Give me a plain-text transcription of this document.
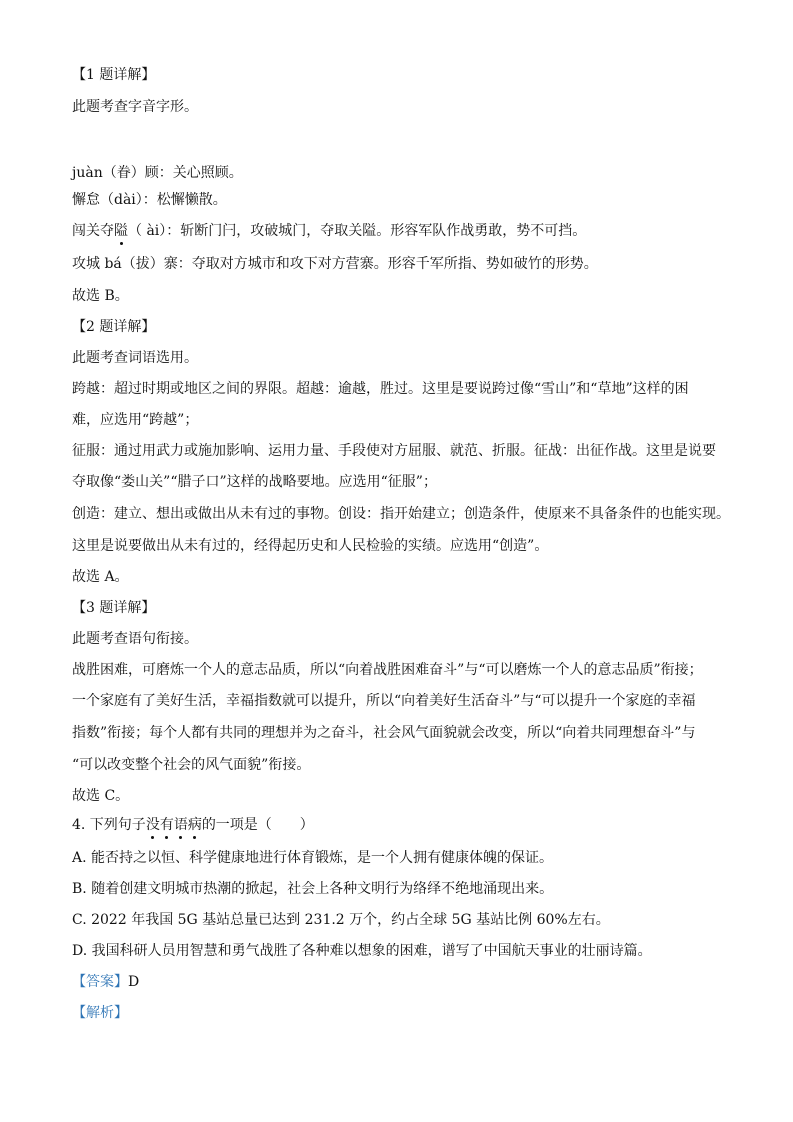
【1 题详解】
此题考查字音字形。
juàn（眷）顾：关心照顾。
懈怠（dài）：松懈懒散。
闯关夺隘（ ài）：斩断门闩，攻破城门，夺取关隘。形容军队作战勇敢，势不可挡。
攻城 bá（拔）寨：夺取对方城市和攻下对方营寨。形容千军所指、势如破竹的形势。
故选 B。
【2 题详解】
此题考查词语选用。
跨越：超过时期或地区之间的界限。超越：逾越，胜过。这里是要说跨过像“雪山”和“草地”这样的困
难，应选用“跨越”；
征服：通过用武力或施加影响、运用力量、手段使对方屈服、就范、折服。征战：出征作战。这里是说要
夺取像“娄山关”“腊子口”这样的战略要地。应选用“征服”；
创造：建立、想出或做出从未有过的事物。创设：指开始建立；创造条件，使原来不具备条件的也能实现。
这里是说要做出从未有过的，经得起历史和人民检验的实绩。应选用“创造”。
故选 A。
【3 题详解】
此题考查语句衔接。
战胜困难，可磨炼一个人的意志品质，所以“向着战胜困难奋斗”与“可以磨炼一个人的意志品质”衔接；
一个家庭有了美好生活，幸福指数就可以提升，所以“向着美好生活奋斗”与“可以提升一个家庭的幸福
指数”衔接；每个人都有共同的理想并为之奋斗，社会风气面貌就会改变，所以“向着共同理想奋斗”与
“可以改变整个社会的风气面貌”衔接。
故选 C。
4. 下列句子没有语病的一项是（　　）
A. 能否持之以恒、科学健康地进行体育锻炼，是一个人拥有健康体魄的保证。
B. 随着创建文明城市热潮的掀起，社会上各种文明行为络绎不绝地涌现出来。
C. 2022 年我国 5G 基站总量已达到 231.2 万个，约占全球 5G 基站比例 60%左右。
D. 我国科研人员用智慧和勇气战胜了各种难以想象的困难，谱写了中国航天事业的壮丽诗篇。
【答案】D
【解析】
